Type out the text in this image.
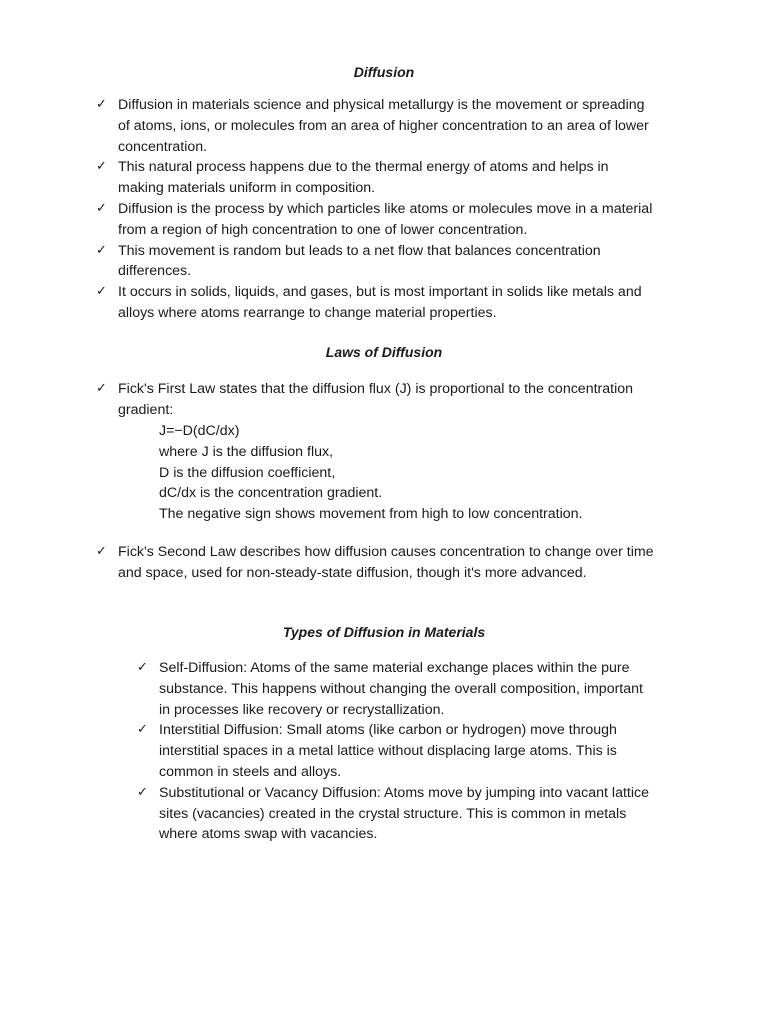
Diffusion
✓ Diffusion in materials science and physical metallurgy is the movement or spreading of atoms, ions, or molecules from an area of higher concentration to an area of lower concentration.
✓ This natural process happens due to the thermal energy of atoms and helps in making materials uniform in composition.
✓ Diffusion is the process by which particles like atoms or molecules move in a material from a region of high concentration to one of lower concentration.
✓ This movement is random but leads to a net flow that balances concentration differences.
✓ It occurs in solids, liquids, and gases, but is most important in solids like metals and alloys where atoms rearrange to change material properties.
Laws of Diffusion
✓ Fick's First Law states that the diffusion flux (J) is proportional to the concentration gradient:
J=−D(dC/dx)
where J is the diffusion flux,
D is the diffusion coefficient,
dC/dx is the concentration gradient.
The negative sign shows movement from high to low concentration.
✓ Fick's Second Law describes how diffusion causes concentration to change over time and space, used for non-steady-state diffusion, though it's more advanced.
Types of Diffusion in Materials
✓ Self-Diffusion: Atoms of the same material exchange places within the pure substance. This happens without changing the overall composition, important in processes like recovery or recrystallization.
✓ Interstitial Diffusion: Small atoms (like carbon or hydrogen) move through interstitial spaces in a metal lattice without displacing large atoms. This is common in steels and alloys.
✓ Substitutional or Vacancy Diffusion: Atoms move by jumping into vacant lattice sites (vacancies) created in the crystal structure. This is common in metals where atoms swap with vacancies.
